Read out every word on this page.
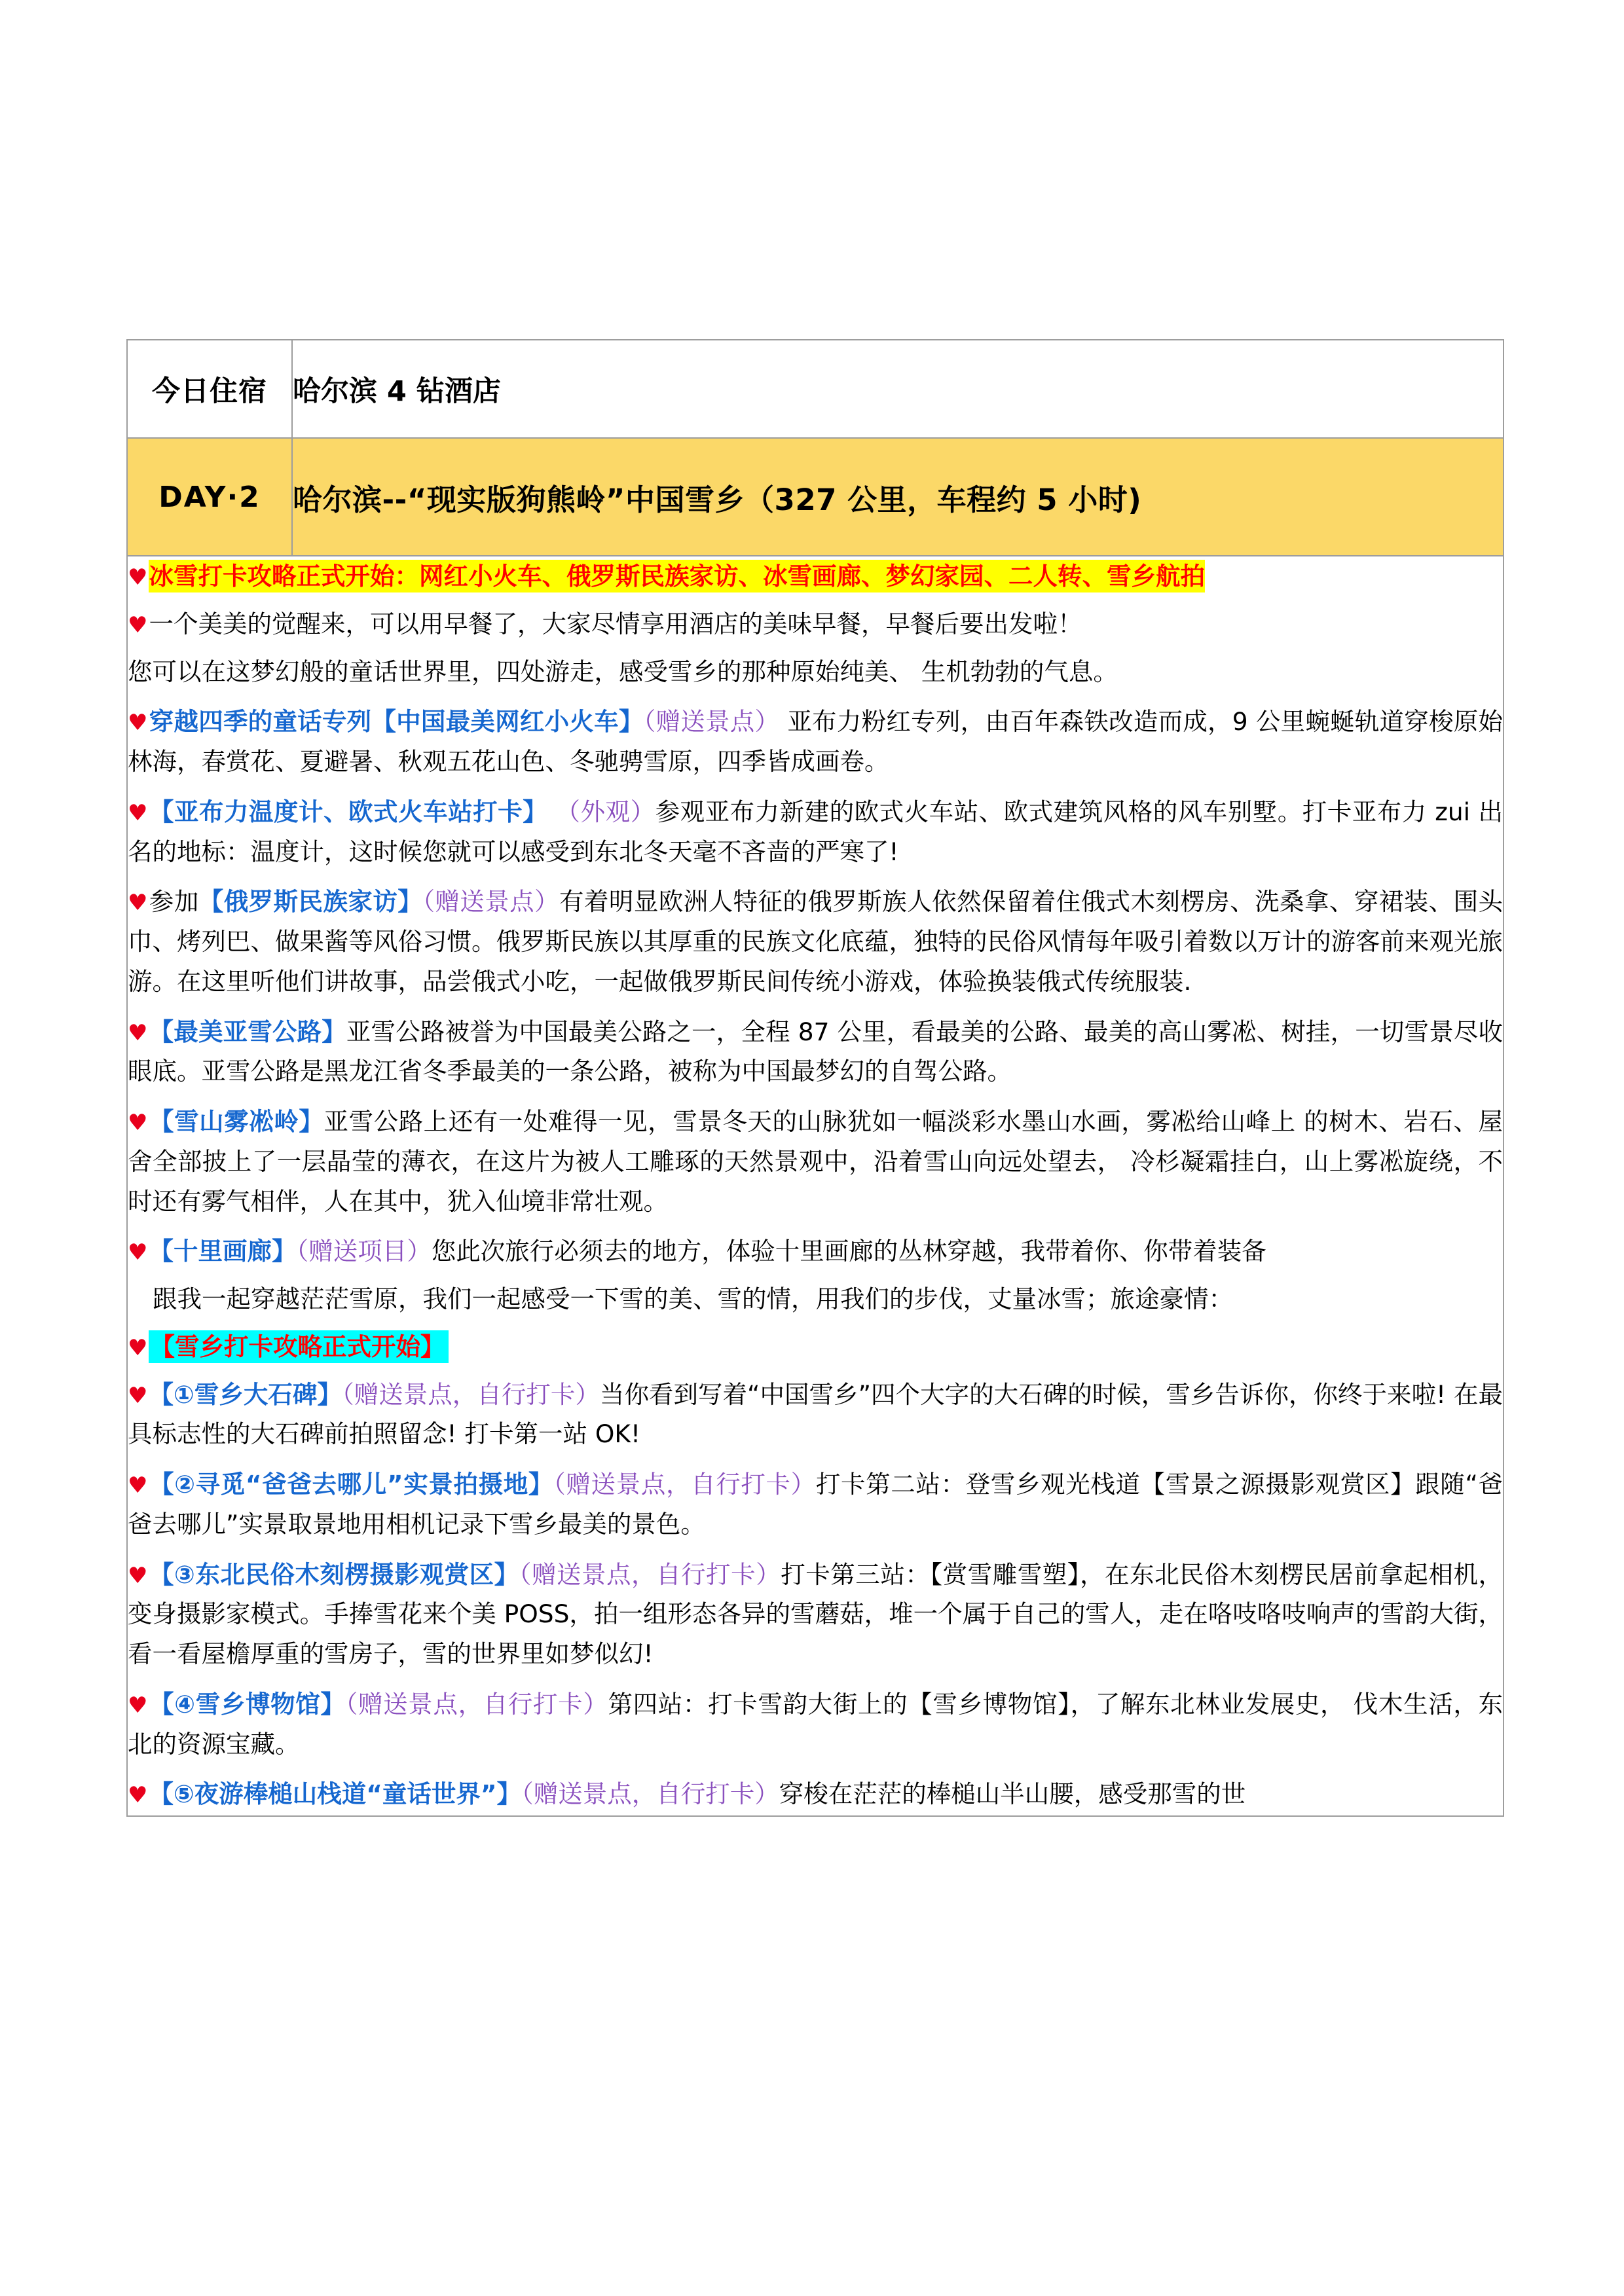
今日住宿	哈尔滨 4 钻酒店
DAY·2	哈尔滨--“现实版狗熊岭”中国雪乡（327 公里，车程约 5 小时)

♥冰雪打卡攻略正式开始：网红小火车、俄罗斯民族家访、冰雪画廊、梦幻家园、二人转、雪乡航拍

♥一个美美的觉醒来，可以用早餐了，大家尽情享用酒店的美味早餐，早餐后要出发啦！

您可以在这梦幻般的童话世界里，四处游走，感受雪乡的那种原始纯美、 生机勃勃的气息。

♥穿越四季的童话专列【中国最美网红小火车】（赠送景点） 亚布力粉红专列，由百年森铁改造而成，9 公里蜿蜒轨道穿梭原始林海，春赏花、夏避暑、秋观五花山色、冬驰骋雪原，四季皆成画卷。

♥【亚布力温度计、欧式火车站打卡】 （外观）参观亚布力新建的欧式火车站、欧式建筑风格的风车别墅。打卡亚布力 zui 出名的地标：温度计，这时候您就可以感受到东北冬天毫不吝啬的严寒了!

♥参加【俄罗斯民族家访】（赠送景点）有着明显欧洲人特征的俄罗斯族人依然保留着住俄式木刻楞房、洗桑拿、穿裙装、围头巾、烤列巴、做果酱等风俗习惯。俄罗斯民族以其厚重的民族文化底蕴，独特的民俗风情每年吸引着数以万计的游客前来观光旅游。在这里听他们讲故事，品尝俄式小吃，一起做俄罗斯民间传统小游戏，体验换装俄式传统服装.

♥【最美亚雪公路】亚雪公路被誉为中国最美公路之一，全程 87 公里，看最美的公路、最美的高山雾凇、树挂，一切雪景尽收眼底。亚雪公路是黑龙江省冬季最美的一条公路，被称为中国最梦幻的自驾公路。

♥【雪山雾凇岭】亚雪公路上还有一处难得一见，雪景冬天的山脉犹如一幅淡彩水墨山水画，雾凇给山峰上 的树木、岩石、屋舍全部披上了一层晶莹的薄衣，在这片为被人工雕琢的天然景观中，沿着雪山向远处望去， 冷杉凝霜挂白，山上雾凇旋绕，不时还有雾气相伴，人在其中，犹入仙境非常壮观。

♥【十里画廊】（赠送项目）您此次旅行必须去的地方，体验十里画廊的丛林穿越，我带着你、你带着装备

跟我一起穿越茫茫雪原，我们一起感受一下雪的美、雪的情，用我们的步伐，丈量冰雪；旅途豪情：

♥ 【雪乡打卡攻略正式开始】

♥【①雪乡大石碑】（赠送景点，自行打卡）当你看到写着“中国雪乡”四个大字的大石碑的时候，雪乡告诉你，你终于来啦! 在最具标志性的大石碑前拍照留念! 打卡第一站 OK!

♥【②寻觅“爸爸去哪儿”实景拍摄地】（赠送景点，自行打卡）打卡第二站：登雪乡观光栈道【雪景之源摄影观赏区】跟随“爸爸去哪儿”实景取景地用相机记录下雪乡最美的景色。

♥【③东北民俗木刻楞摄影观赏区】（赠送景点，自行打卡）打卡第三站：【赏雪雕雪塑】，在东北民俗木刻楞民居前拿起相机，变身摄影家模式。手捧雪花来个美 POSS，拍一组形态各异的雪蘑菇，堆一个属于自己的雪人，走在咯吱咯吱响声的雪韵大街，看一看屋檐厚重的雪房子，雪的世界里如梦似幻!

♥【④雪乡博物馆】（赠送景点，自行打卡）第四站：打卡雪韵大街上的【雪乡博物馆】，了解东北林业发展史， 伐木生活，东北的资源宝藏。

♥【⑤夜游棒槌山栈道“童话世界”】（赠送景点，自行打卡）穿梭在茫茫的棒槌山半山腰，感受那雪的世
